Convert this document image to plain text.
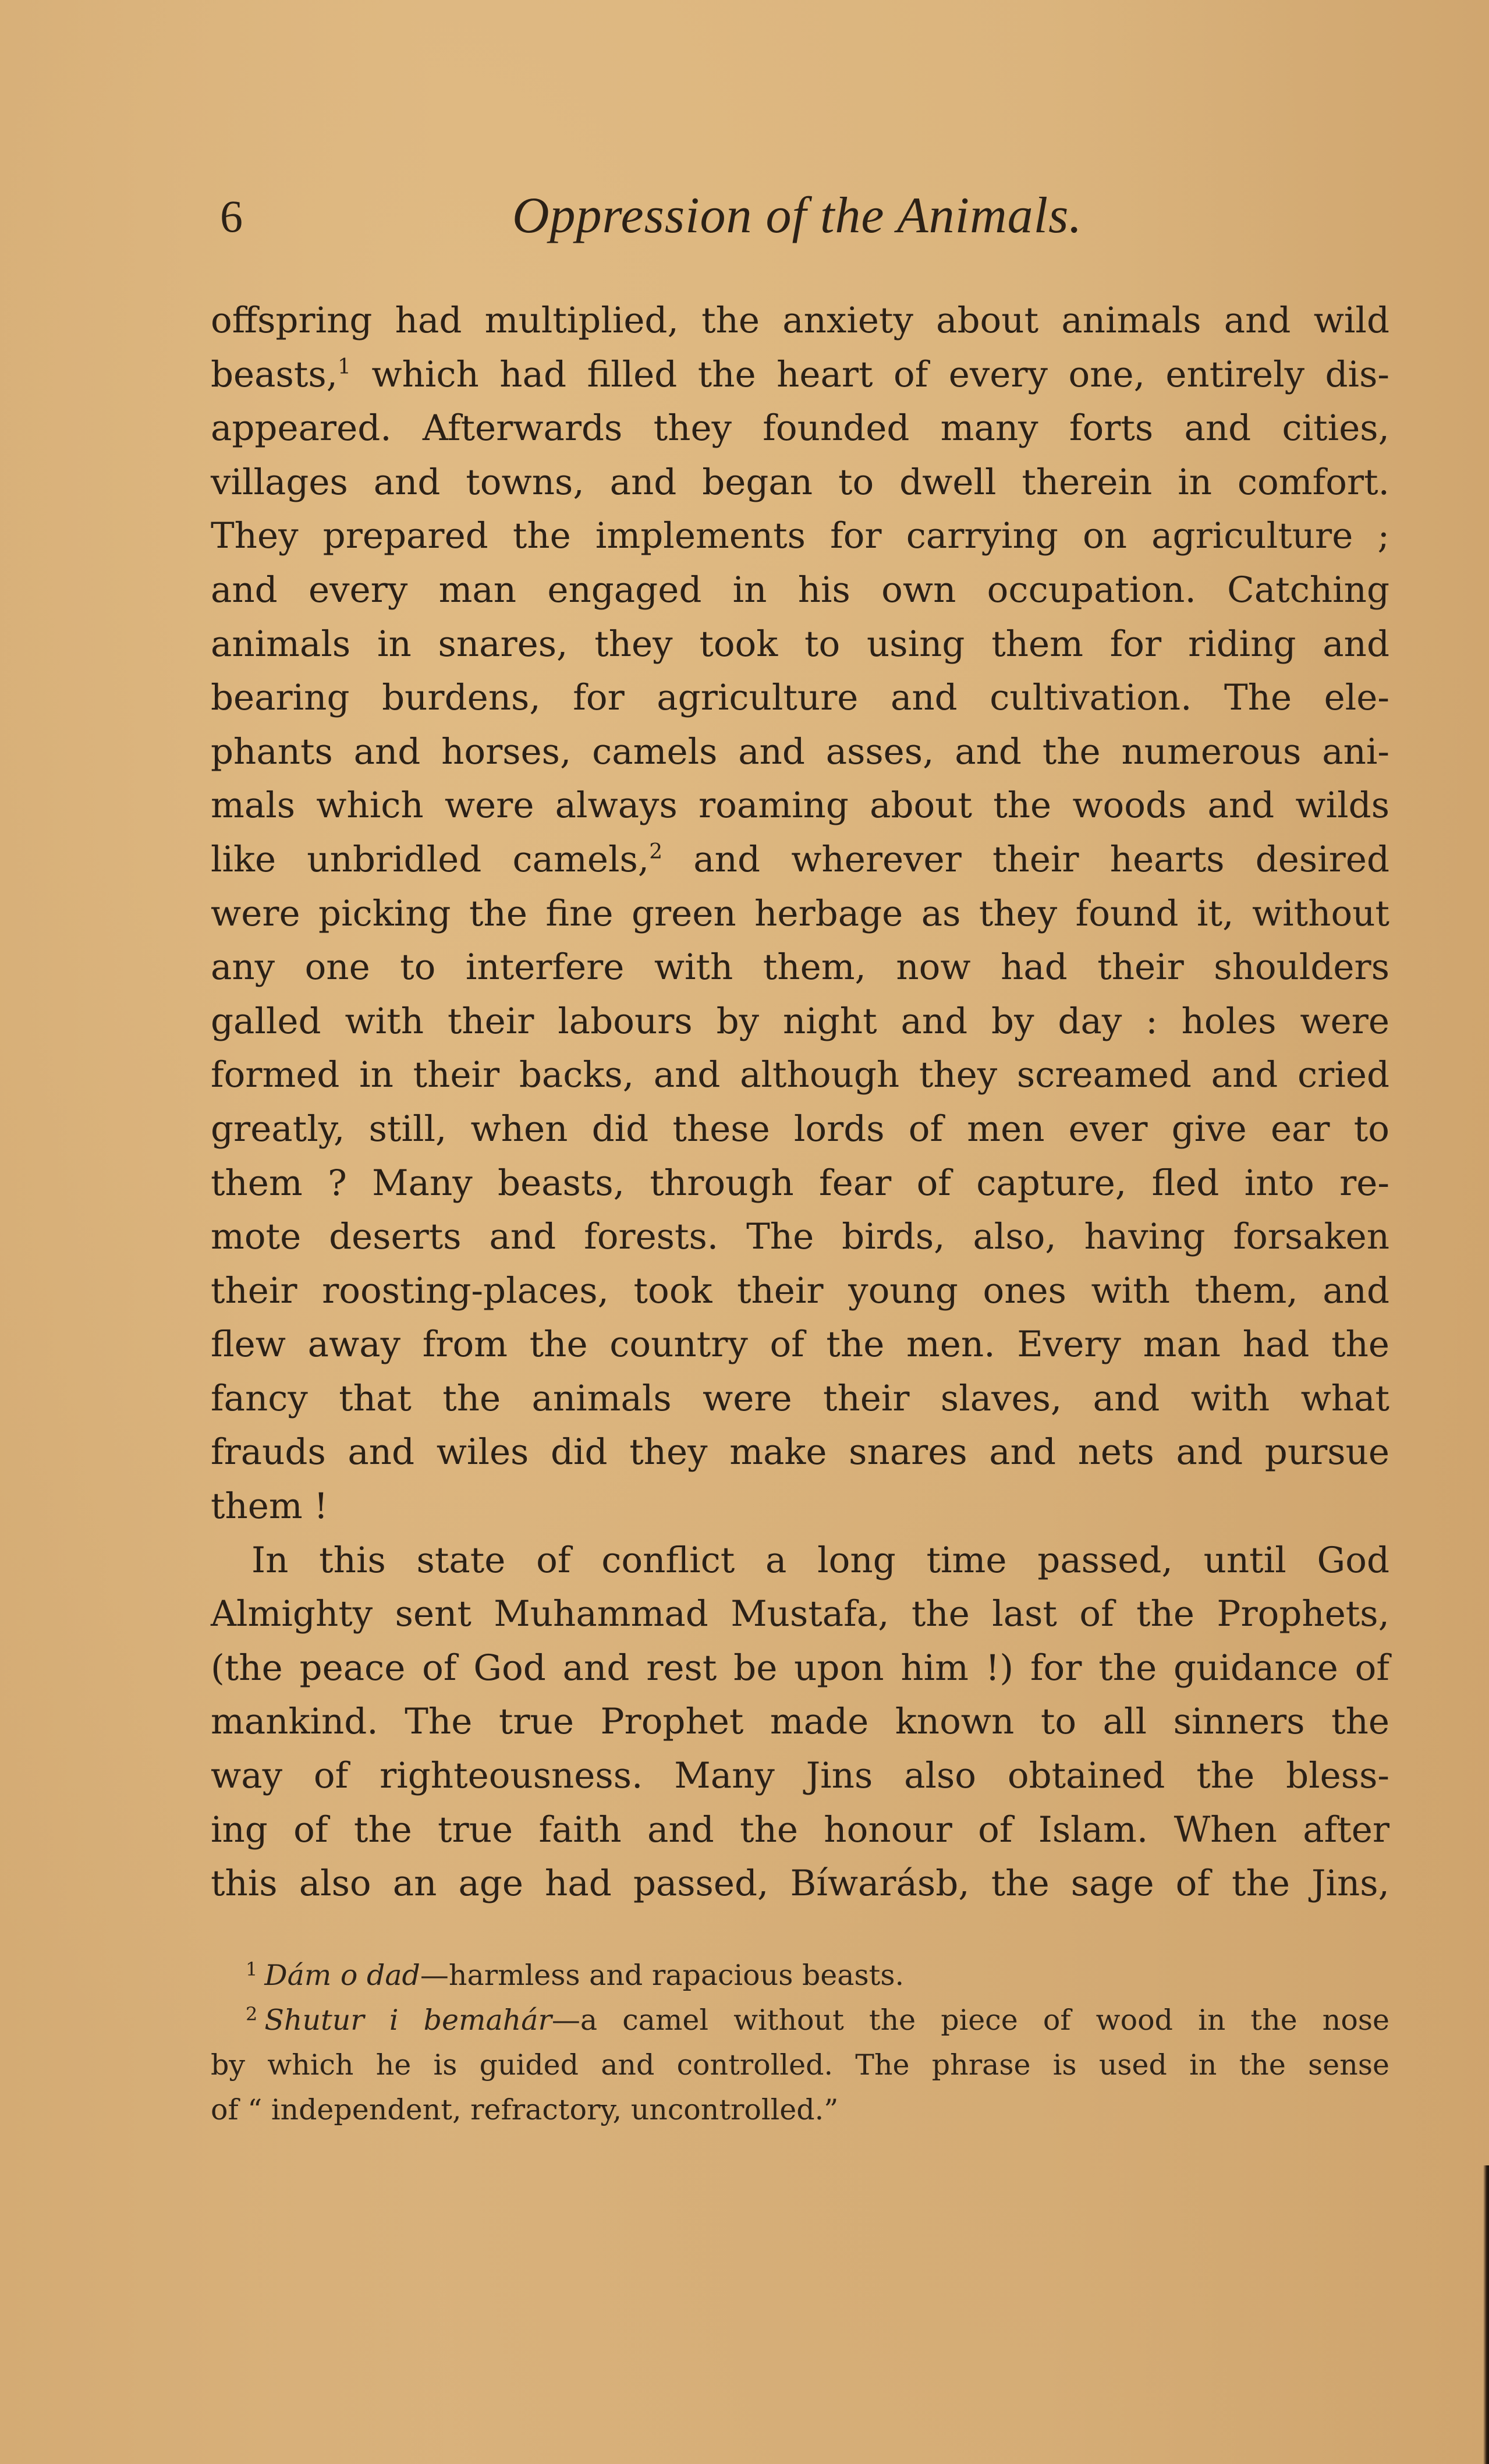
6	Oppression of the Animals.
offspring had multiplied, the anxiety about animals and wild
beasts,$^1$ which had filled the heart of every one, entirely dis-
appeared. Afterwards they founded many forts and cities,
villages and towns, and began to dwell therein in comfort.
They prepared the implements for carrying on agriculture ;
and every man engaged in his own occupation. Catching
animals in snares, they took to using them for riding and
bearing burdens, for agriculture and cultivation. The ele-
phants and horses, camels and asses, and the numerous ani-
mals which were always roaming about the woods and wilds
like unbridled camels,$^2$ and wherever their hearts desired
were picking the fine green herbage as they found it, without
any one to interfere with them, now had their shoulders
galled with their labours by night and by day : holes were
formed in their backs, and although they screamed and cried
greatly, still, when did these lords of men ever give ear to
them ? Many beasts, through fear of capture, fled into re-
mote deserts and forests. The birds, also, having forsaken
their roosting-places, took their young ones with them, and
flew away from the country of the men. Every man had the
fancy that the animals were their slaves, and with what
frauds and wiles did they make snares and nets and pursue
them !
In this state of conflict a long time passed, until God
Almighty sent Muhammad Mustafa, the last of the Prophets,
(the peace of God and rest be upon him !) for the guidance of
mankind. The true Prophet made known to all sinners the
way of righteousness. Many Jins also obtained the bless-
ing of the true faith and the honour of Islam. When after
this also an age had passed, Bíwarásb, the sage of the Jins,
$^1$ Dám o dad—harmless and rapacious beasts.
$^2$ Shutur i bemahár—a camel without the piece of wood in the nose
by which he is guided and controlled. The phrase is used in the sense
of “ independent, refractory, uncontrolled.”
